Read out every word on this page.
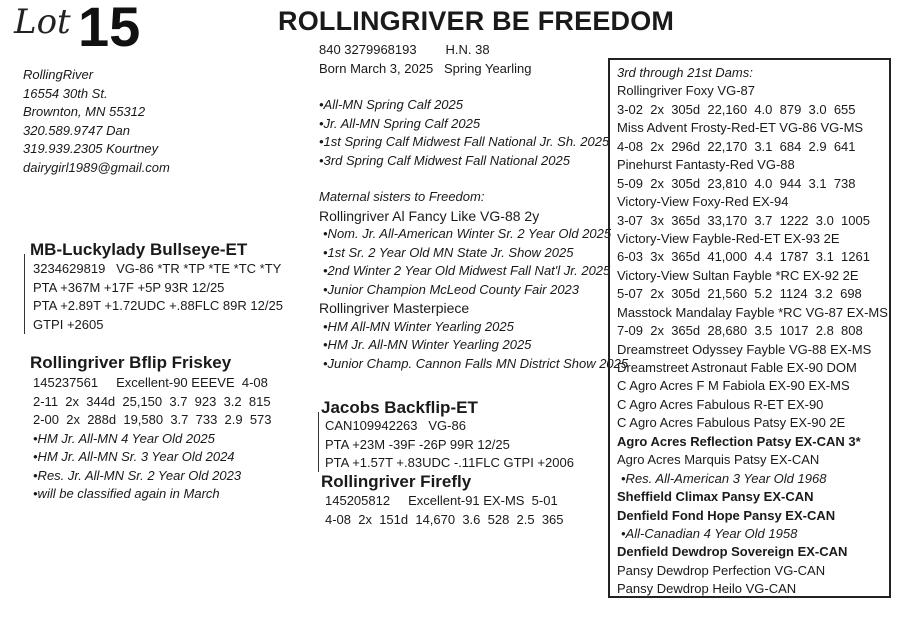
Lot 15	ROLLINGRIVER BE FREEDOM
RollingRiver
16554 30th St.
Brownton, MN 55312
320.589.9747 Dan
319.939.2305 Kourtney
dairygirl1989@gmail.com
840 3279968193        H.N. 38
Born March 3, 2025   Spring Yearling
•All-MN Spring Calf 2025
•Jr. All-MN Spring Calf 2025
•1st Spring Calf Midwest Fall National Jr. Sh. 2025
•3rd Spring Calf Midwest Fall National 2025
Maternal sisters to Freedom:
Rollingriver Al Fancy Like VG-88 2y
•Nom. Jr. All-American Winter Sr. 2 Year Old 2025
•1st Sr. 2 Year Old MN State Jr. Show 2025
•2nd Winter 2 Year Old Midwest Fall Nat'l Jr. 2025
•Junior Champion McLeod County Fair 2023
Rollingriver Masterpiece
•HM All-MN Winter Yearling 2025
•HM Jr. All-MN Winter Yearling 2025
•Junior Champ. Cannon Falls MN District Show 2025
MB-Luckylady Bullseye-ET
3234629819   VG-86 *TR *TP *TE *TC *TY
PTA +367M +17F +5P 93R 12/25
PTA +2.89T +1.72UDC +.88FLC 89R 12/25
GTPI +2605
Rollingriver Bflip Friskey
145237561     Excellent-90 EEEVE  4-08
2-11  2x  344d  25,150  3.7  923  3.2  815
2-00  2x  288d  19,580  3.7  733  2.9  573
•HM Jr. All-MN 4 Year Old 2025
•HM Jr. All-MN Sr. 3 Year Old 2024
•Res. Jr. All-MN Sr. 2 Year Old 2023
•will be classified again in March
Jacobs Backflip-ET
CAN109942263   VG-86
PTA +23M -39F -26P 99R 12/25
PTA +1.57T +.83UDC -.11FLC GTPI +2006
Rollingriver Firefly
145205812     Excellent-91 EX-MS  5-01
4-08  2x  151d  14,670  3.6  528  2.5  365
3rd through 21st Dams:
Rollingriver Foxy VG-87
3-02  2x  305d  22,160  4.0  879  3.0  655
Miss Advent Frosty-Red-ET VG-86 VG-MS
4-08  2x  296d  22,170  3.1  684  2.9  641
Pinehurst Fantasty-Red VG-88
5-09  2x  305d  23,810  4.0  944  3.1  738
Victory-View Foxy-Red EX-94
3-07  3x  365d  33,170  3.7  1222  3.0  1005
Victory-View Fayble-Red-ET EX-93 2E
6-03  3x  365d  41,000  4.4  1787  3.1  1261
Victory-View Sultan Fayble *RC EX-92 2E
5-07  2x  305d  21,560  5.2  1124  3.2  698
Masstock Mandalay Fayble *RC VG-87 EX-MS
7-09  2x  365d  28,680  3.5  1017  2.8  808
Dreamstreet Odyssey Fayble VG-88 EX-MS
Dreamstreet Astronaut Fable EX-90 DOM
C Agro Acres F M Fabiola EX-90 EX-MS
C Agro Acres Fabulous R-ET EX-90
C Agro Acres Fabulous Patsy EX-90 2E
Agro Acres Reflection Patsy EX-CAN 3*
Agro Acres Marquis Patsy EX-CAN
•Res. All-American 3 Year Old 1968
Sheffield Climax Pansy EX-CAN
Denfield Fond Hope Pansy EX-CAN
•All-Canadian 4 Year Old 1958
Denfield Dewdrop Sovereign EX-CAN
Pansy Dewdrop Perfection VG-CAN
Pansy Dewdrop Heilo VG-CAN
